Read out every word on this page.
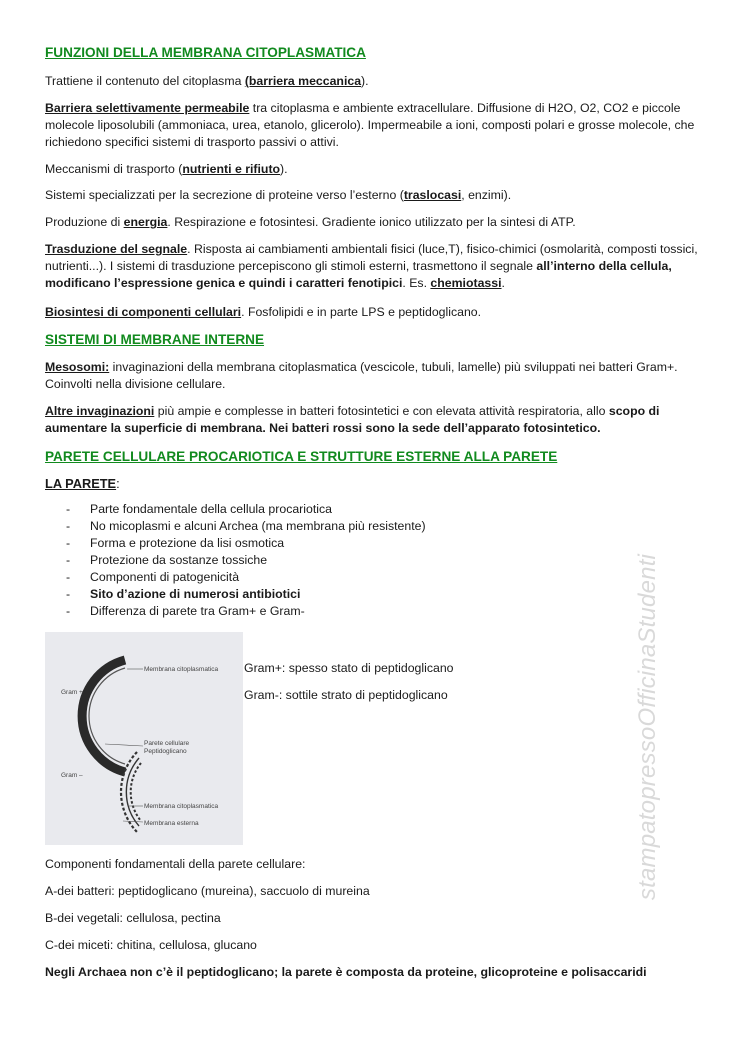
FUNZIONI DELLA MEMBRANA CITOPLASMATICA

Trattiene il contenuto del citoplasma (barriera meccanica).

Barriera selettivamente permeabile tra citoplasma e ambiente extracellulare. Diffusione di H2O, O2, CO2 e piccole molecole liposolubili (ammoniaca, urea, etanolo, glicerolo). Impermeabile a ioni, composti polari e grosse molecole, che richiedono specifici sistemi di trasporto passivi o attivi.

Meccanismi di trasporto (nutrienti e rifiuto).

Sistemi specializzati per la secrezione di proteine verso l’esterno (traslocasi, enzimi).

Produzione di energia. Respirazione e fotosintesi. Gradiente ionico utilizzato per la sintesi di ATP.

Trasduzione del segnale. Risposta ai cambiamenti ambientali fisici (luce,T), fisico-chimici (osmolarità, composti tossici, nutrienti...). I sistemi di trasduzione percepiscono gli stimoli esterni, trasmettono il segnale all’interno della cellula, modificano l’espressione genica e quindi i caratteri fenotipici. Es. chemiotassi.

Biosintesi di componenti cellulari. Fosfolipidi e in parte LPS e peptidoglicano.

SISTEMI DI MEMBRANE INTERNE

Mesosomi: invaginazioni della membrana citoplasmatica (vescicole, tubuli, lamelle) più sviluppati nei batteri Gram+. Coinvolti nella divisione cellulare.

Altre invaginazioni più ampie e complesse in batteri fotosintetici e con elevata attività respiratoria, allo scopo di aumentare la superficie di membrana. Nei batteri rossi sono la sede dell’apparato fotosintetico.

PARETE CELLULARE PROCARIOTICA E STRUTTURE ESTERNE ALLA PARETE

LA PARETE:

- Parte fondamentale della cellula procariotica
- No micoplasmi e alcuni Archea (ma membrana più resistente)
- Forma e protezione da lisi osmotica
- Protezione da sostanze tossiche
- Componenti di patogenicità
- Sito d’azione di numerosi antibiotici
- Differenza di parete tra Gram+ e Gram-
Gram +
Gram –
Membrana citoplasmatica
Parete cellulare
Peptidoglicano
Membrana citoplasmatica
Membrana esterna

Gram+: spesso stato di peptidoglicano

Gram-: sottile strato di peptidoglicano

Componenti fondamentali della parete cellulare:

A-dei batteri: peptidoglicano (mureina), saccuolo di mureina

B-dei vegetali: cellulosa, pectina

C-dei miceti: chitina, cellulosa, glucano

Negli Archaea non c’è il peptidoglicano; la parete è composta da proteine, glicoproteine e polisaccaridi

stampatopressoOfficinaStudenti
